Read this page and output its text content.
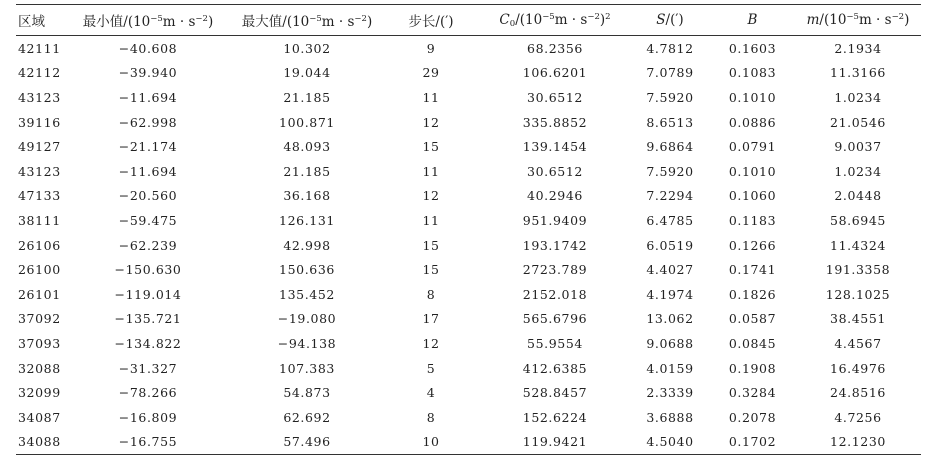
区域	最小值$/(10^{-5}m \cdot s^{-2})$	最大值$/(10^{-5}m \cdot s^{-2})$	步长/(′)	$C_0/(10^{-5}m \cdot s^{-2})^2$	S/(′)	B	$m/(10^{-5}m \cdot s^{-2})$
42111	−40.608	10.302	9	68.2356	4.7812	0.1603	2.1934
42112	−39.940	19.044	29	106.6201	7.0789	0.1083	11.3166
43123	−11.694	21.185	11	30.6512	7.5920	0.1010	1.0234
39116	−62.998	100.871	12	335.8852	8.6513	0.0886	21.0546
49127	−21.174	48.093	15	139.1454	9.6864	0.0791	9.0037
43123	−11.694	21.185	11	30.6512	7.5920	0.1010	1.0234
47133	−20.560	36.168	12	40.2946	7.2294	0.1060	2.0448
38111	−59.475	126.131	11	951.9409	6.4785	0.1183	58.6945
26106	−62.239	42.998	15	193.1742	6.0519	0.1266	11.4324
26100	−150.630	150.636	15	2723.789	4.4027	0.1741	191.3358
26101	−119.014	135.452	8	2152.018	4.1974	0.1826	128.1025
37092	−135.721	−19.080	17	565.6796	13.062	0.0587	38.4551
37093	−134.822	−94.138	12	55.9554	9.0688	0.0845	4.4567
32088	−31.327	107.383	5	412.6385	4.0159	0.1908	16.4976
32099	−78.266	54.873	4	528.8457	2.3339	0.3284	24.8516
34087	−16.809	62.692	8	152.6224	3.6888	0.2078	4.7256
34088	−16.755	57.496	10	119.9421	4.5040	0.1702	12.1230
